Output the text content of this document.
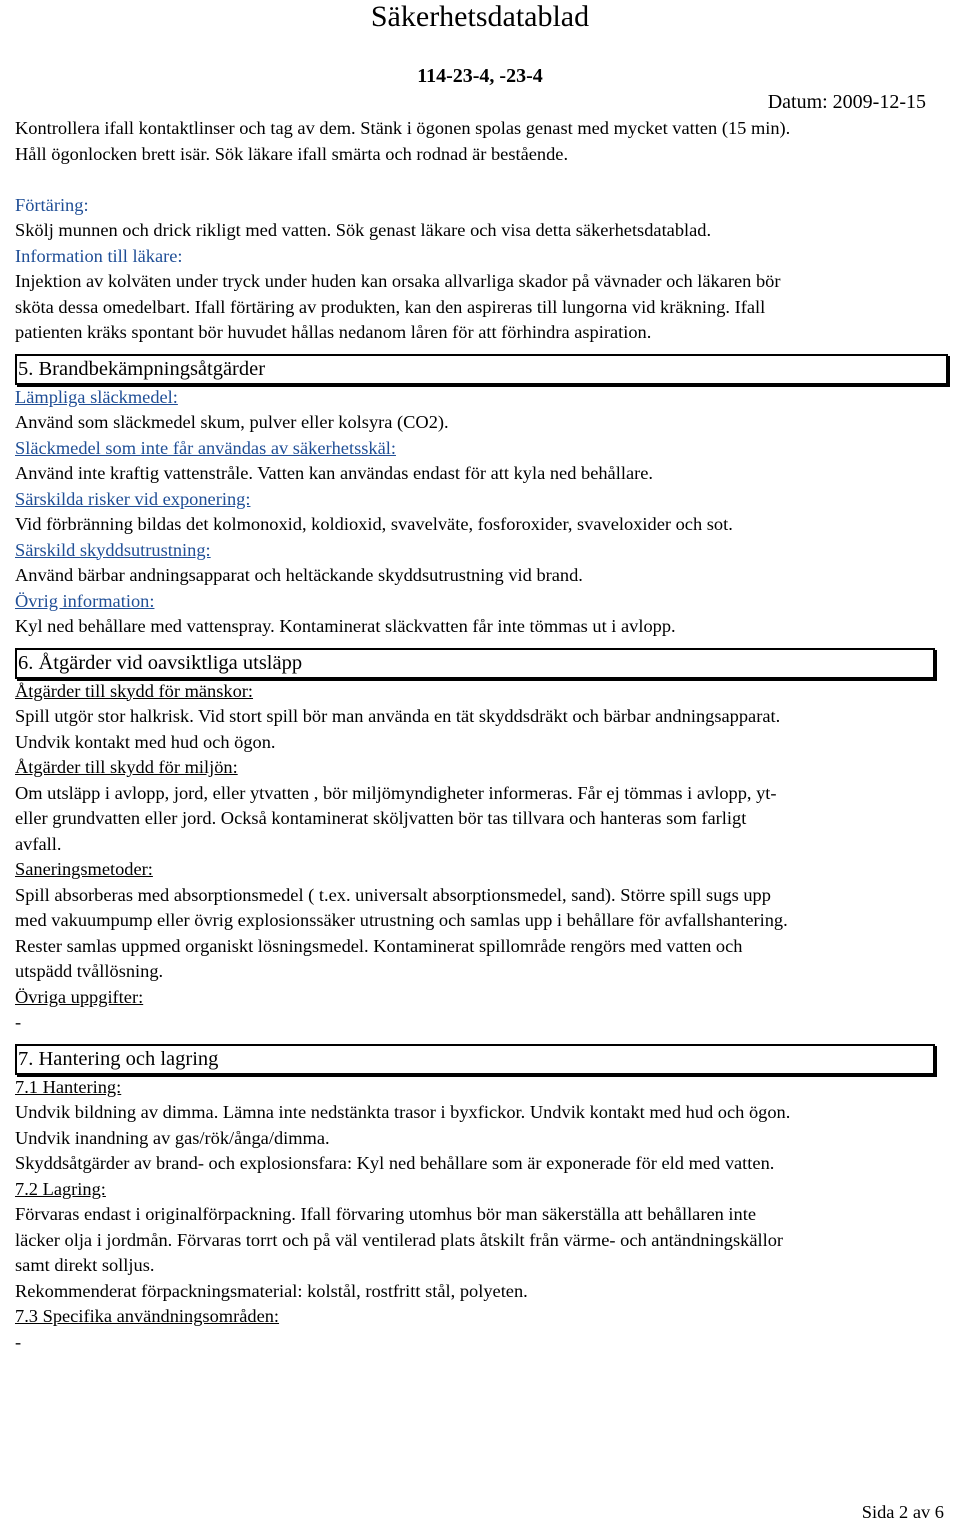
Säkerhetsdatablad
114-23-4, -23-4
Datum: 2009-12-15
Kontrollera ifall kontaktlinser och tag av dem. Stänk i ögonen spolas genast med mycket vatten (15 min).
Håll ögonlocken brett isär. Sök läkare ifall smärta och rodnad är bestående.
Förtäring:
Skölj munnen och drick rikligt med vatten. Sök genast läkare och visa detta säkerhetsdatablad.
Information till läkare:
Injektion av kolväten under tryck under huden kan orsaka allvarliga skador på vävnader och läkaren bör
sköta dessa omedelbart. Ifall förtäring av produkten, kan den aspireras till lungorna vid kräkning. Ifall
patienten kräks spontant bör huvudet hållas nedanom låren för att förhindra aspiration.
5. Brandbekämpningsåtgärder
Lämpliga släckmedel:
Använd som släckmedel skum, pulver eller kolsyra (CO2).
Släckmedel som inte får användas av säkerhetsskäl:
Använd inte kraftig vattenstråle. Vatten kan användas endast för att kyla ned behållare.
Särskilda risker vid exponering:
Vid förbränning bildas det kolmonoxid, koldioxid, svavelväte, fosforoxider, svaveloxider och sot.
Särskild skyddsutrustning:
Använd bärbar andningsapparat och heltäckande skyddsutrustning vid brand.
Övrig information:
Kyl ned behållare med vattenspray. Kontaminerat släckvatten får inte tömmas ut i avlopp.
6. Åtgärder vid oavsiktliga utsläpp
Åtgärder till skydd för mänskor:
Spill utgör stor halkrisk. Vid stort spill bör man använda en tät skyddsdräkt och bärbar andningsapparat.
Undvik kontakt med hud och ögon.
Åtgärder till skydd för miljön:
Om utsläpp i avlopp, jord, eller ytvatten , bör miljömyndigheter informeras. Får ej tömmas i avlopp, yt-
eller grundvatten eller jord. Också kontaminerat sköljvatten bör tas tillvara och hanteras som farligt
avfall.
Saneringsmetoder:
Spill absorberas med absorptionsmedel ( t.ex. universalt absorptionsmedel, sand). Större spill sugs upp
med vakuumpump eller övrig explosionssäker utrustning och samlas upp i behållare för avfallshantering.
Rester samlas uppmed organiskt lösningsmedel. Kontaminerat spillområde rengörs med vatten och
utspädd tvållösning.
Övriga uppgifter:
-
7. Hantering och lagring
7.1 Hantering:
Undvik bildning av dimma. Lämna inte nedstänkta trasor i byxfickor. Undvik kontakt med hud och ögon.
Undvik inandning av gas/rök/ånga/dimma.
Skyddsåtgärder av brand- och explosionsfara: Kyl ned behållare som är exponerade för eld med vatten.
7.2 Lagring:
Förvaras endast i originalförpackning. Ifall förvaring utomhus bör man säkerställa att behållaren inte
läcker olja i jordmån. Förvaras torrt och på väl ventilerad plats åtskilt från värme- och antändningskällor
samt direkt solljus.
Rekommenderat förpackningsmaterial: kolstål, rostfritt stål, polyeten.
7.3 Specifika användningsområden:
-
Sida 2 av 6
